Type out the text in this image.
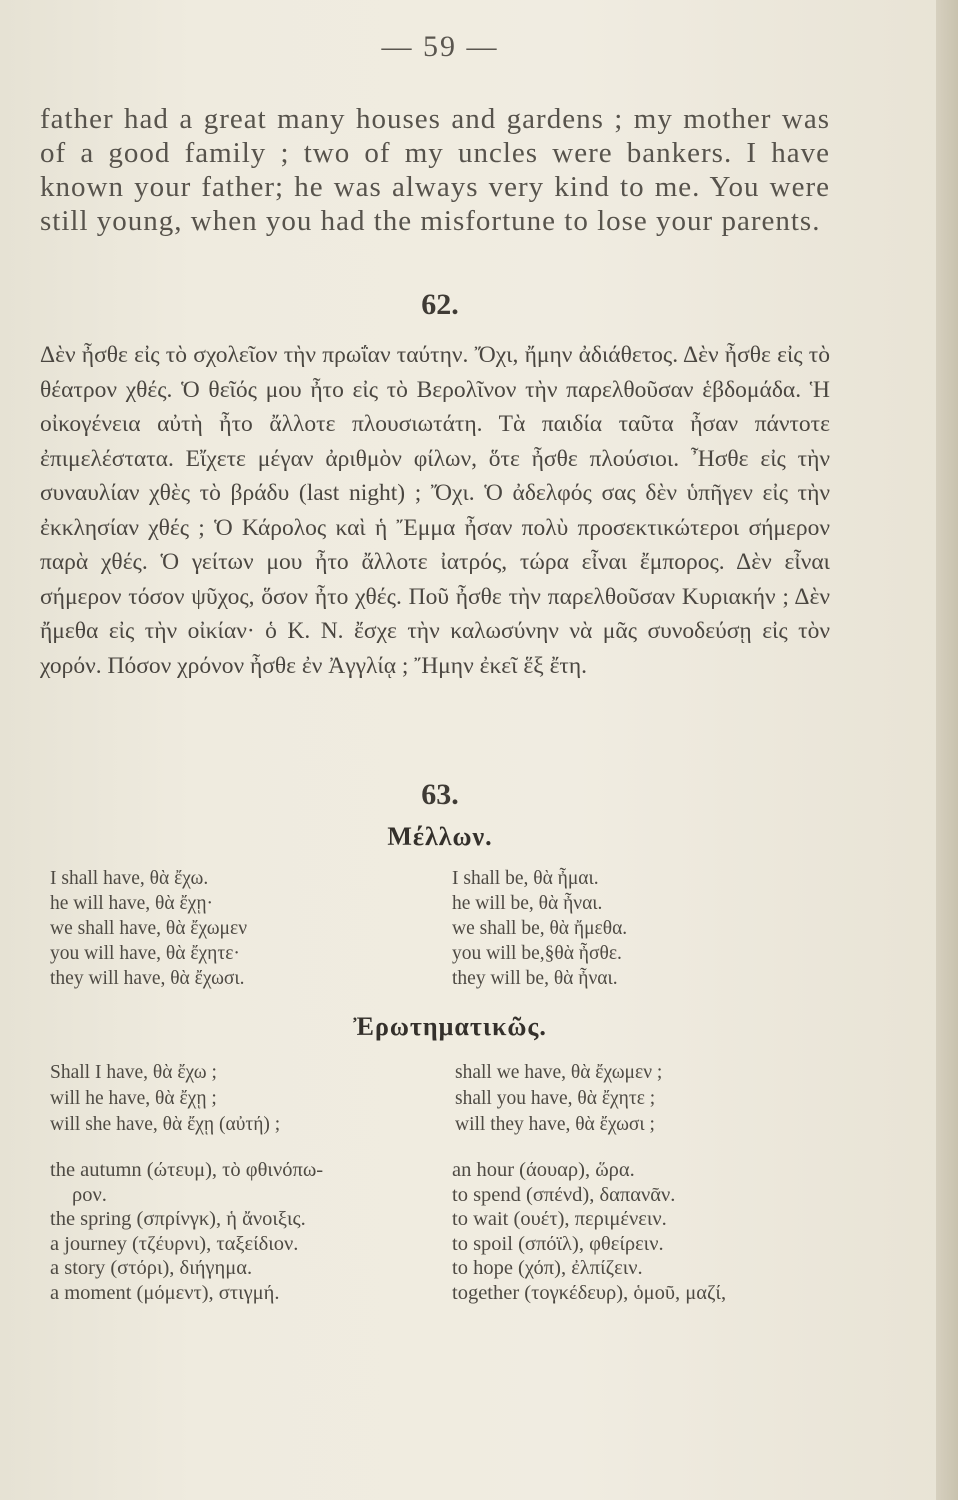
— 59 —
father had a great many houses and gardens ; my mother was of a good family ; two of my uncles were bankers. I have known your father; he was always very kind to me. You were still young, when you had the misfortune to lose your parents.
62.
Δὲν ἦσθε εἰς τὸ σχολεῖον τὴν πρωΐαν ταύτην. Ὄχι, ἤμην ἀδιάθετος. Δὲν ἦσθε εἰς τὸ θέατρον χθές. Ὁ θεῖός μου ἦτο εἰς τὸ Βερολῖνον τὴν παρελθοῦσαν ἑβδομάδα. Ἡ οἰκογένεια αὐτὴ ἦτο ἄλλοτε πλουσιωτάτη. Τὰ παιδία ταῦτα ἦσαν πάντοτε ἐπιμελέστατα. Εἴχετε μέγαν ἀριθμὸν φίλων, ὅτε ἦσθε πλούσιοι. Ἦσθε εἰς τὴν συναυλίαν χθὲς τὸ βράδυ (last night) ; Ὄχι. Ὁ ἀδελφός σας δὲν ὑπῆγεν εἰς τὴν ἐκκλησίαν χθές ; Ὁ Κάρολος καὶ ἡ Ἔμμα ἦσαν πολὺ προσεκτικώτεροι σήμερον παρὰ χθές. Ὁ γείτων μου ἦτο ἄλλοτε ἰατρός, τώρα εἶναι ἔμπορος. Δὲν εἶναι σήμερον τόσον ψῦχος, ὅσον ἦτο χθές. Ποῦ ἦσθε τὴν παρελθοῦσαν Κυριακήν ; Δὲν ἤμεθα εἰς τὴν οἰκίαν· ὁ Κ. Ν. ἔσχε τὴν καλωσύνην νὰ μᾶς συνοδεύσῃ εἰς τὸν χορόν. Πόσον χρόνον ἦσθε ἐν Ἀγγλίᾳ ; Ἤμην ἐκεῖ ἕξ ἔτη.
63.
Μέλλων.
I shall have, θὰ ἔχω.
he will have, θὰ ἔχῃ·
we shall have, θὰ ἔχωμεν
you will have, θὰ ἔχητε·
they will have, θὰ ἔχωσι.
I shall be, θὰ ἦμαι.
he will be, θὰ ἦναι.
we shall be, θὰ ἤμεθα.
you will be,§θὰ ἦσθε.
they will be, θὰ ἦναι.
Ἐρωτηματικῶς.
Shall I have, θὰ ἔχω ;
will he have, θὰ ἔχῃ ;
will she have, θὰ ἔχῃ (αὐτή) ;
shall we have, θὰ ἔχωμεν ;
shall you have, θὰ ἔχητε ;
will they have, θὰ ἔχωσι ;
the autumn (ώτευμ), τὸ φθινόπω-
ρον.
the spring (σπρίνγκ), ἡ ἄνοιξις.
a journey (τζέυρνι), ταξείδιον.
a story (στόρι), διήγημα.
a moment (μόμεντ), στιγμή.
an hour (άουαρ), ὥρα.
to spend (σπένd), δαπανᾶν.
to wait (ουέτ), περιμένειν.
to spoil (σπόϊλ), φθείρειν.
to hope (χόπ), ἐλπίζειν.
together (τογκέδευρ), ὁμοῦ, μαζί,
